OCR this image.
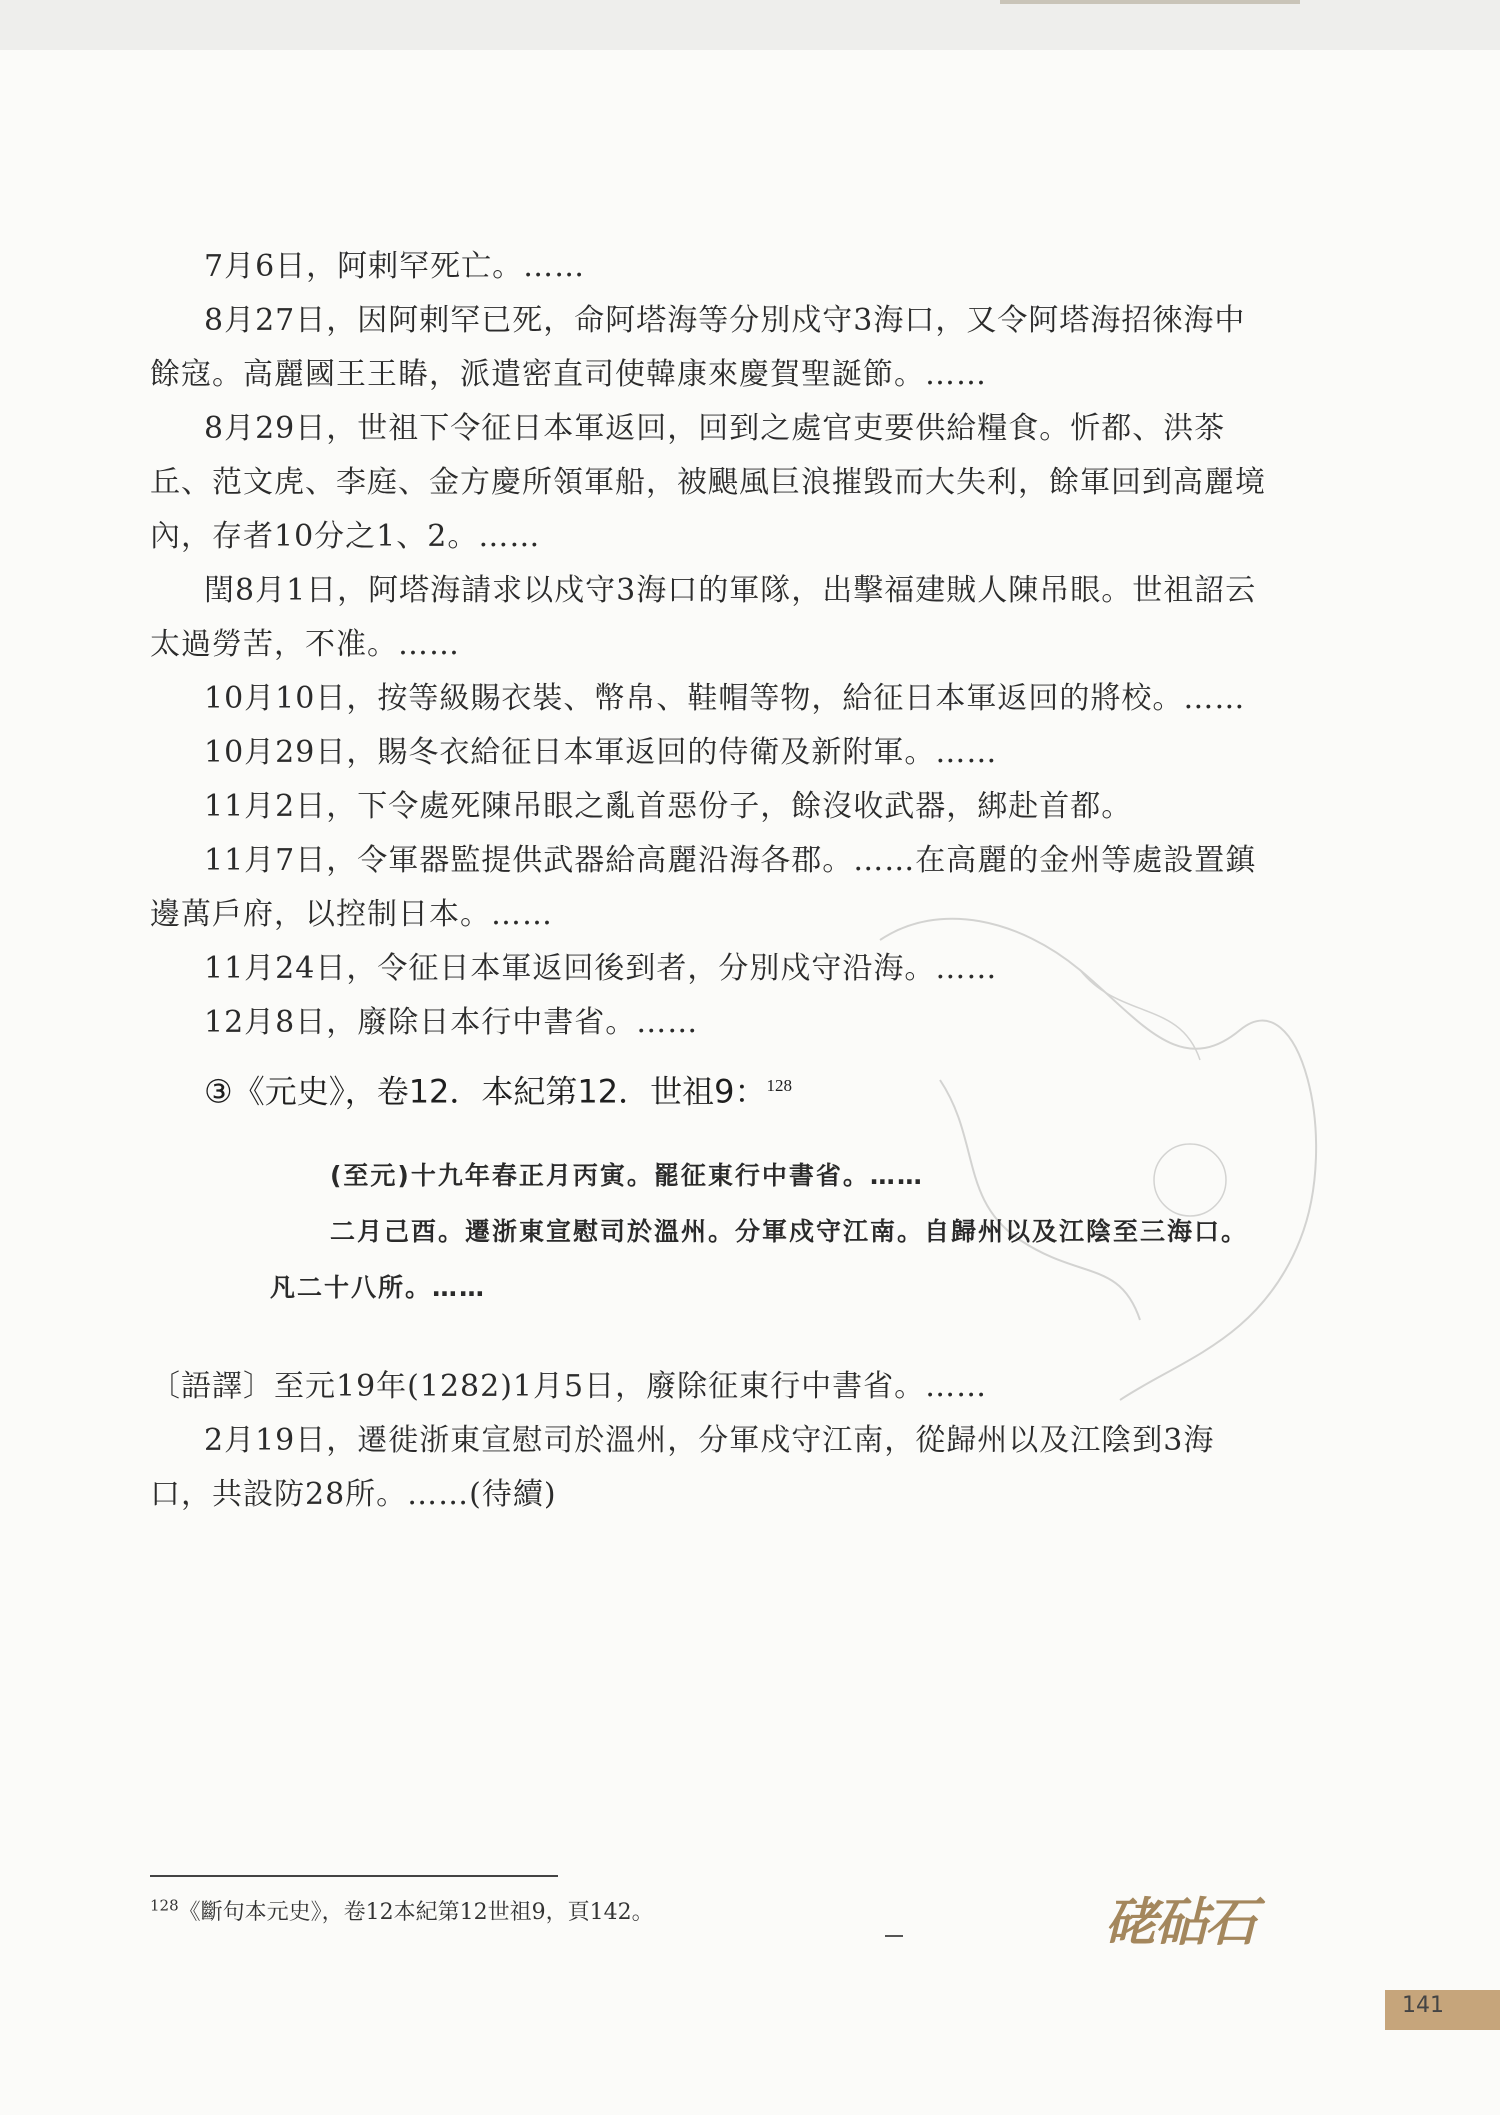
7月6日，阿剌罕死亡。……

8月27日，因阿剌罕已死，命阿塔海等分別戍守3海口，又令阿塔海招徠海中餘寇。高麗國王王睶，派遣密直司使韓康來慶賀聖誕節。……

8月29日，世祖下令征日本軍返回，回到之處官吏要供給糧食。忻都、洪茶丘、范文虎、李庭、金方慶所領軍船，被颶風巨浪摧毀而大失利，餘軍回到高麗境內，存者10分之1、2。……

閏8月1日，阿塔海請求以戍守3海口的軍隊，出擊福建賊人陳吊眼。世祖詔云太過勞苦，不准。……

10月10日，按等級賜衣裝、幣帛、鞋帽等物，給征日本軍返回的將校。……

10月29日，賜冬衣給征日本軍返回的侍衛及新附軍。……

11月2日，下令處死陳吊眼之亂首惡份子，餘沒收武器，綁赴首都。

11月7日，令軍器監提供武器給高麗沿海各郡。……在高麗的金州等處設置鎮邊萬戶府，以控制日本。……

11月24日，令征日本軍返回後到者，分別戍守沿海。……

12月8日，廢除日本行中書省。……

③《元史》，卷12．本紀第12．世祖9：$^{128}$

(至元)十九年春正月丙寅。罷征東行中書省。……

二月己酉。遷浙東宣慰司於溫州。分軍戍守江南。自歸州以及江陰至三海口。凡二十八所。……

〔語譯〕至元19年(1282)1月5日，廢除征東行中書省。……

2月19日，遷徙浙東宣慰司於溫州，分軍戍守江南，從歸州以及江陰到3海口，共設防28所。……(待續)

$^{128}$《斷句本元史》，卷12本紀第12世祖9，頁142。	硓砧石
141
